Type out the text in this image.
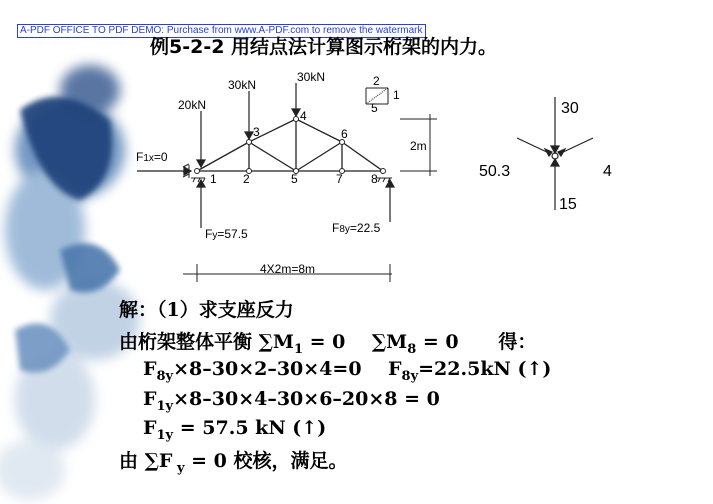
A-PDF OFFICE TO PDF DEMO: Purchase from www.A-PDF.com to remove the watermark
例5-2-2 用结点法计算图示桁架的内力。
20kN
30kN
30kN
F1x=0
3
4
6
1 2	5	7 8
2m
Fy=57.5	F8y=22.5
4X2m=8m
2
1
5	30
50.3	4
15
解：（1）求支座反力
由桁架整体平衡 $\sum M_1 = 0$ $\sum M_8 = 0$ 得：
$F_{8y}\times 8-30\times 2-30\times 4=0$ $F_{8y}=22.5kN$ (↑)
$F_{1y}\times 8-30\times 4-30\times 6-20\times 8 = 0$
$F_{1y} = 57.5$ kN (↑)
由 ∑F $_y$ = 0 校核，满足。
